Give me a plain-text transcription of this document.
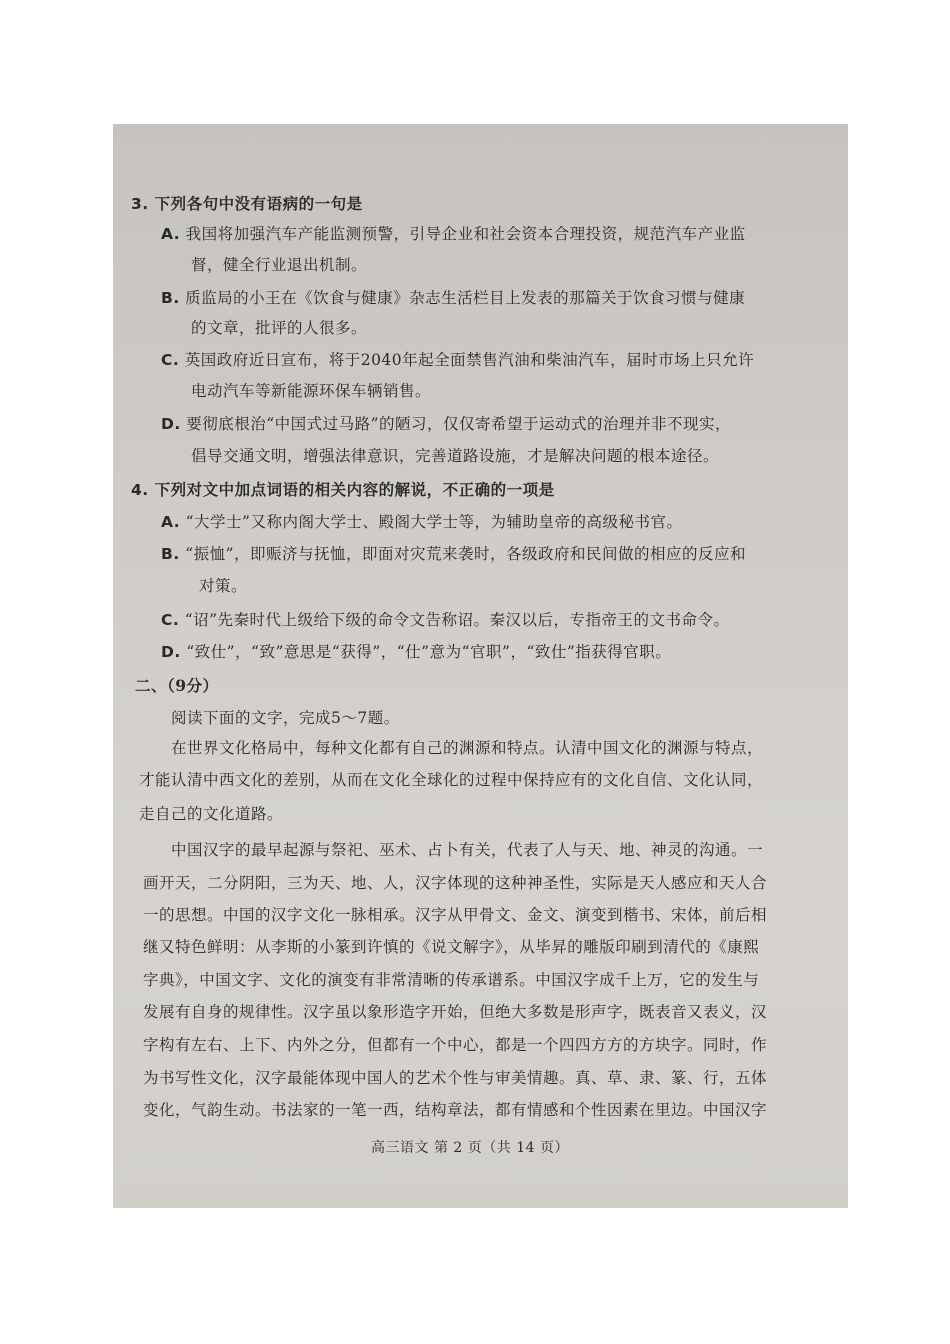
3. 下列各句中没有语病的一句是
A. 我国将加强汽车产能监测预警，引导企业和社会资本合理投资，规范汽车产业监
督，健全行业退出机制。
B. 质监局的小王在《饮食与健康》杂志生活栏目上发表的那篇关于饮食习惯与健康
的文章，批评的人很多。
C. 英国政府近日宣布，将于2040年起全面禁售汽油和柴油汽车，届时市场上只允许
电动汽车等新能源环保车辆销售。
D. 要彻底根治“中国式过马路”的陋习，仅仅寄希望于运动式的治理并非不现实，
倡导交通文明，增强法律意识，完善道路设施，才是解决问题的根本途径。
4. 下列对文中加点词语的相关内容的解说，不正确的一项是
A. “大学士”又称内阁大学士、殿阁大学士等，为辅助皇帝的高级秘书官。
B. “振恤”，即赈济与抚恤，即面对灾荒来袭时，各级政府和民间做的相应的反应和
对策。
C. “诏”先秦时代上级给下级的命令文告称诏。秦汉以后，专指帝王的文书命令。
D. “致仕”，“致”意思是“获得”，“仕”意为“官职”，“致仕”指获得官职。
二、（9分）
阅读下面的文字，完成5～7题。
在世界文化格局中，每种文化都有自己的渊源和特点。认清中国文化的渊源与特点，
才能认清中西文化的差别，从而在文化全球化的过程中保持应有的文化自信、文化认同，
走自己的文化道路。
中国汉字的最早起源与祭祀、巫术、占卜有关，代表了人与天、地、神灵的沟通。一
画开天，二分阴阳，三为天、地、人，汉字体现的这种神圣性，实际是天人感应和天人合
一的思想。中国的汉字文化一脉相承。汉字从甲骨文、金文、演变到楷书、宋体，前后相
继又特色鲜明：从李斯的小篆到许慎的《说文解字》，从毕昇的雕版印刷到清代的《康熙
字典》，中国文字、文化的演变有非常清晰的传承谱系。中国汉字成千上万，它的发生与
发展有自身的规律性。汉字虽以象形造字开始，但绝大多数是形声字，既表音又表义，汉
字构有左右、上下、内外之分，但都有一个中心，都是一个四四方方的方块字。同时，作
为书写性文化，汉字最能体现中国人的艺术个性与审美情趣。真、草、隶、篆、行，五体
变化，气韵生动。书法家的一笔一西，结构章法，都有情感和个性因素在里边。中国汉字
高三语文 第 2 页（共 14 页）
